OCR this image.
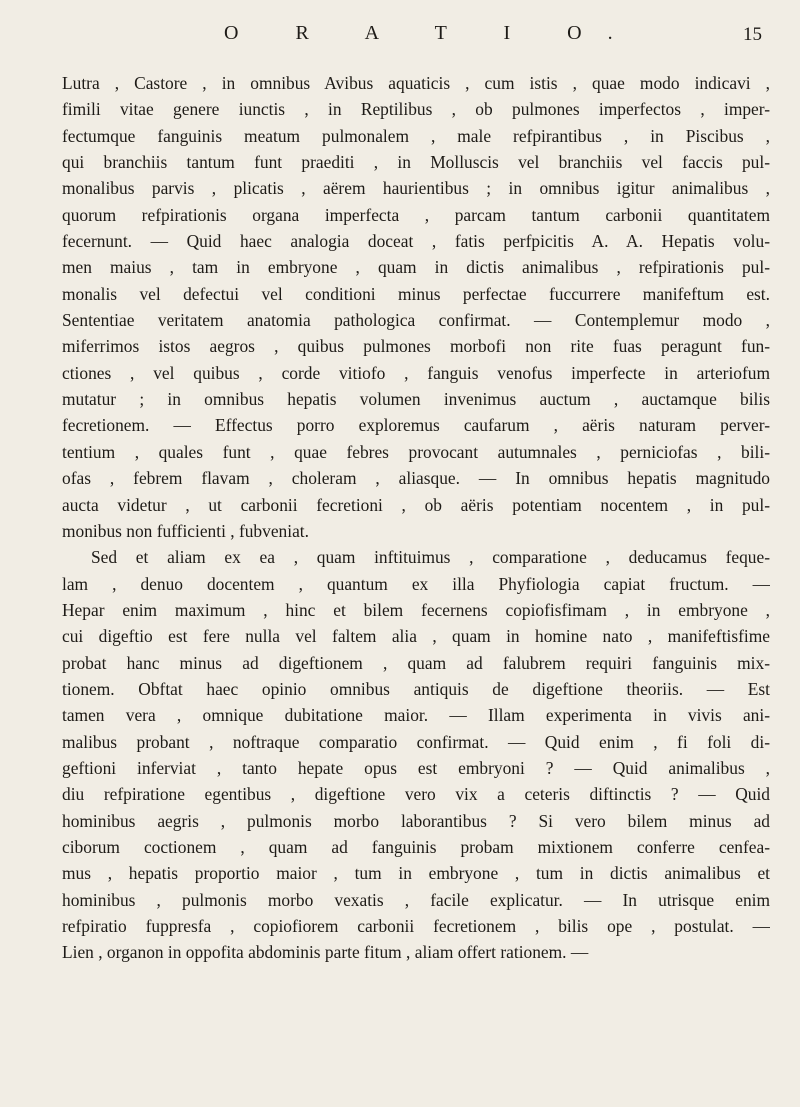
O R A T I O.	15
Lutra , Castore , in omnibus Avibus aquaticis , cum istis , quae modo indicavi ,
fimili vitae genere iunctis , in Reptilibus , ob pulmones imperfectos , imper-
fectumque fanguinis meatum pulmonalem , male refpirantibus , in Piscibus ,
qui branchiis tantum funt praediti , in Molluscis vel branchiis vel faccis pul-
monalibus parvis , plicatis , aërem haurientibus ; in omnibus igitur animalibus ,
quorum refpirationis organa imperfecta , parcam tantum carbonii quantitatem
fecernunt. — Quid haec analogia doceat , fatis perfpicitis A. A. Hepatis volu-
men maius , tam in embryone , quam in dictis animalibus , refpirationis pul-
monalis vel defectui vel conditioni minus perfectae fuccurrere manifeftum est.
Sententiae veritatem anatomia pathologica confirmat. — Contemplemur modo ,
miferrimos istos aegros , quibus pulmones morbofi non rite fuas peragunt fun-
ctiones , vel quibus , corde vitiofo , fanguis venofus imperfecte in arteriofum
mutatur ; in omnibus hepatis volumen invenimus auctum , auctamque bilis
fecretionem. — Effectus porro exploremus caufarum , aëris naturam perver-
tentium , quales funt , quae febres provocant autumnales , perniciofas , bili-
ofas , febrem flavam , choleram , aliasque. — In omnibus hepatis magnitudo
aucta videtur , ut carbonii fecretioni , ob aëris potentiam nocentem , in pul-
monibus non fufficienti , fubveniat.
Sed et aliam ex ea , quam inftituimus , comparatione , deducamus feque-
lam , denuo docentem , quantum ex illa Phyfiologia capiat fructum. —
Hepar enim maximum , hinc et bilem fecernens copiofisfimam , in embryone ,
cui digeftio est fere nulla vel faltem alia , quam in homine nato , manifeftisfime
probat hanc minus ad digeftionem , quam ad falubrem requiri fanguinis mix-
tionem. Obftat haec opinio omnibus antiquis de digeftione theoriis. — Est
tamen vera , omnique dubitatione maior. — Illam experimenta in vivis ani-
malibus probant , noftraque comparatio confirmat. — Quid enim , fi foli di-
geftioni inferviat , tanto hepate opus est embryoni ? — Quid animalibus ,
diu refpiratione egentibus , digeftione vero vix a ceteris diftinctis ? — Quid
hominibus aegris , pulmonis morbo laborantibus ? Si vero bilem minus ad
ciborum coctionem , quam ad fanguinis probam mixtionem conferre cenfea-
mus , hepatis proportio maior , tum in embryone , tum in dictis animalibus et
hominibus , pulmonis morbo vexatis , facile explicatur. — In utrisque enim
refpiratio fuppresfa , copiofiorem carbonii fecretionem , bilis ope , postulat. —
Lien , organon in oppofita abdominis parte fitum , aliam offert rationem. —
